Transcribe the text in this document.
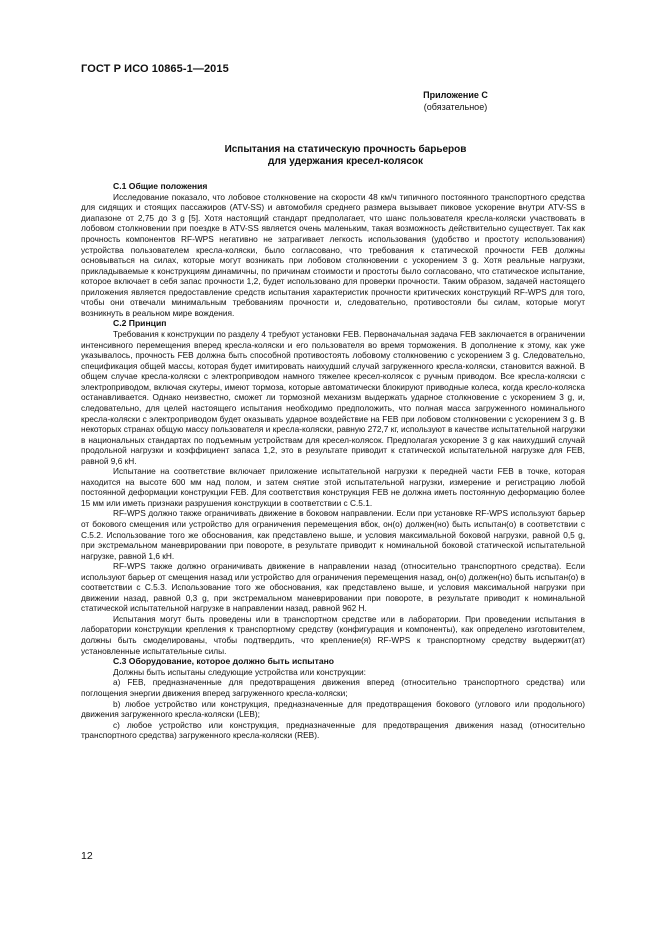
ГОСТ Р ИСО 10865-1—2015
Приложение С
(обязательное)
Испытания на статическую прочность барьеров
для удержания кресел-колясок
С.1 Общие положения

Исследование показало, что лобовое столкновение на скорости 48 км/ч типичного постоянного транспортного средства для сидящих и стоящих пассажиров (ATV-SS) и автомобиля среднего размера вызывает пиковое ускорение внутри ATV-SS в диапазоне от 2,75 до 3 g [5]. Хотя настоящий стандарт предполагает, что шанс пользователя кресла-коляски участвовать в лобовом столкновении при поездке в ATV-SS является очень маленьким, такая возможность действительно существует. Так как прочность компонентов RF-WPS негативно не затрагивает легкость использования (удобство и простоту использования) устройства пользователем кресла-коляски, было согласовано, что требования к статической прочности FEB должны основываться на силах, которые могут возникать при лобовом столкновении с ускорением 3 g. Хотя реальные нагрузки, прикладываемые к конструкциям динамичны, по причинам стоимости и простоты было согласовано, что статическое испытание, которое включает в себя запас прочности 1,2, будет использовано для проверки прочности. Таким образом, задачей настоящего приложения является предоставление средств испытания характеристик прочности критических конструкций RF-WPS для того, чтобы они отвечали минимальным требованиям прочности и, следовательно, противостояли бы силам, которые могут возникнуть в реальном мире вождения.

С.2 Принцип

Требования к конструкции по разделу 4 требуют установки FEB. Первоначальная задача FEB заключается в ограничении интенсивного перемещения вперед кресла-коляски и его пользователя во время торможения. В дополнение к этому, как уже указывалось, прочность FEB должна быть способной противостоять лобовому столкновению с ускорением 3 g. Следовательно, спецификация общей массы, которая будет имитировать наихудший случай загруженного кресла-коляски, становится важной. В общем случае кресла-коляски с электроприводом намного тяжелее кресел-колясок с ручным приводом. Все кресла-коляски с электроприводом, включая скутеры, имеют тормоза, которые автоматически блокируют приводные колеса, когда кресло-коляска останавливается. Однако неизвестно, сможет ли тормозной механизм выдержать ударное столкновение с ускорением 3 g, и, следовательно, для целей настоящего испытания необходимо предположить, что полная масса загруженного номинального кресла-коляски с электроприводом будет оказывать ударное воздействие на FEB при лобовом столкновении с ускорением 3 g. В некоторых странах общую массу пользователя и кресла-коляски, равную 272,7 кг, используют в качестве испытательной нагрузки в национальных стандартах по подъемным устройствам для кресел-колясок. Предполагая ускорение 3 g как наихудший случай продольной нагрузки и коэффициент запаса 1,2, это в результате приводит к статической испытательной нагрузке для FEB, равной 9,6 кН.

Испытание на соответствие включает приложение испытательной нагрузки к передней части FEB в точке, которая находится на высоте 600 мм над полом, и затем снятие этой испытательной нагрузки, измерение и регистрацию любой постоянной деформации конструкции FEB. Для соответствия конструкция FEB не должна иметь постоянную деформацию более 15 мм или иметь признаки разрушения конструкции в соответствии с С.5.1.

RF-WPS должно также ограничивать движение в боковом направлении. Если при установке RF-WPS используют барьер от бокового смещения или устройство для ограничения перемещения вбок, он(о) должен(но) быть испытан(о) в соответствии с С.5.2. Использование того же обоснования, как представлено выше, и условия максимальной боковой нагрузки, равной 0,5 g, при экстремальном маневрировании при повороте, в результате приводит к номинальной боковой статической испытательной нагрузке, равной 1,6 кН.

RF-WPS также должно ограничивать движение в направлении назад (относительно транспортного средства). Если используют барьер от смещения назад или устройство для ограничения перемещения назад, он(о) должен(но) быть испытан(о) в соответствии с С.5.3. Использование того же обоснования, как представлено выше, и условия максимальной нагрузки при движении назад, равной 0,3 g, при экстремальном маневрировании при повороте, в результате приводит к номинальной статической испытательной нагрузке в направлении назад, равной 962 Н.

Испытания могут быть проведены или в транспортном средстве или в лаборатории. При проведении испытания в лаборатории конструкции крепления к транспортному средству (конфигурация и компоненты), как определено изготовителем, должны быть смоделированы, чтобы подтвердить, что крепление(я) RF-WPS к транспортному средству выдержит(ат) установленные испытательные силы.

С.3 Оборудование, которое должно быть испытано

Должны быть испытаны следующие устройства или конструкции:

а) FEB, предназначенные для предотвращения движения вперед (относительно транспортного средства) или поглощения энергии движения вперед загруженного кресла-коляски;

b) любое устройство или конструкция, предназначенные для предотвращения бокового (углового или продольного) движения загруженного кресла-коляски (LEB);

с) любое устройство или конструкция, предназначенные для предотвращения движения назад (относительно транспортного средства) загруженного кресла-коляски (REB).

12
